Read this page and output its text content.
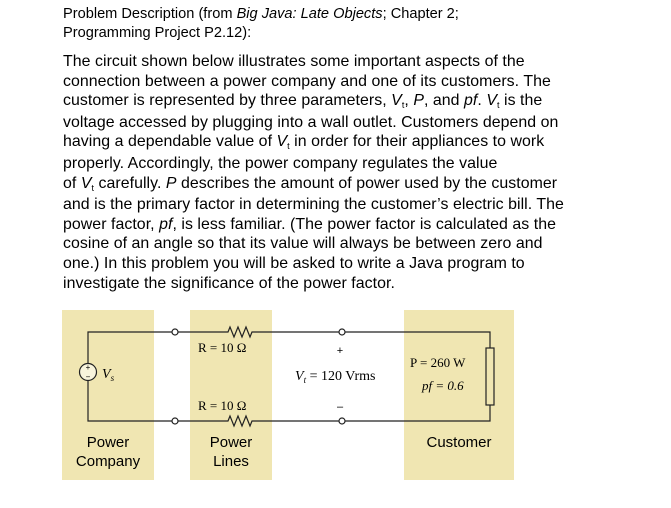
Problem Description (from Big Java: Late Objects; Chapter 2;
Programming Project P2.12):
The circuit shown below illustrates some important aspects of the
connection between a power company and one of its customers. The
customer is represented by three parameters, $V_t$, P, and pf. $V_t$ is the
voltage accessed by plugging into a wall outlet. Customers depend on
having a dependable value of $V_t$ in order for their appliances to work
properly. Accordingly, the power company regulates the value
of $V_t$ carefully. P describes the amount of power used by the customer
and is the primary factor in determining the customer’s electric bill. The
power factor, pf, is less familiar. (The power factor is calculated as the
cosine of an angle so that its value will always be between zero and
one.) In this problem you will be asked to write a Java program to
investigate the significance of the power factor.
+
− $V_s$
R = 10 Ω
R = 10 Ω
+
–
$V_t = 120$ Vrms
P = 260 W
pf = 0.6
Power
Company
Power
Lines
Customer
